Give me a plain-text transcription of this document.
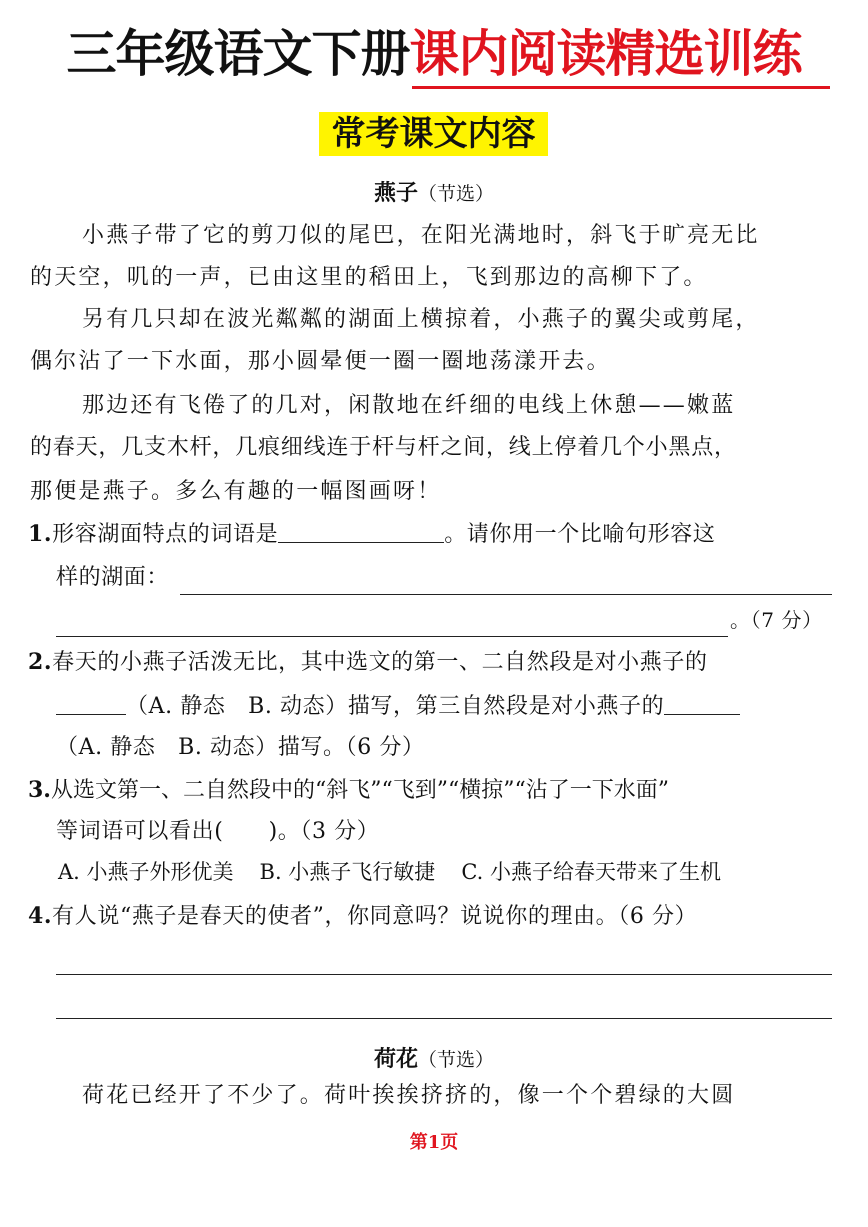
三年级语文下册课内阅读精选训练
常考课文内容
燕子（节选）
小燕子带了它的剪刀似的尾巴，在阳光满地时，斜飞于旷亮无比
的天空，叽的一声，已由这里的稻田上，飞到那边的高柳下了。
另有几只却在波光粼粼的湖面上横掠着，小燕子的翼尖或剪尾，
偶尔沾了一下水面，那小圆晕便一圈一圈地荡漾开去。
那边还有飞倦了的几对，闲散地在纤细的电线上休憩——嫩蓝
的春天，几支木杆，几痕细线连于杆与杆之间，线上停着几个小黑点，
那便是燕子。多么有趣的一幅图画呀！
1.形容湖面特点的词语是	。请你用一个比喻句形容这
样的湖面：
。（7 分）
2.春天的小燕子活泼无比，其中选文的第一、二自然段是对小燕子的
（A. 静态　B. 动态）描写，第三自然段是对小燕子的
（A. 静态　B. 动态）描写。（6 分）
3.从选文第一、二自然段中的“斜飞”“飞到”“横掠”“沾了一下水面”
等词语可以看出(　　)。（3 分）
A. 小燕子外形优美 B. 小燕子飞行敏捷 C. 小燕子给春天带来了生机
4.有人说“燕子是春天的使者”，你同意吗？说说你的理由。（6 分）
荷花（节选）
荷花已经开了不少了。荷叶挨挨挤挤的，像一个个碧绿的大圆
第1页
